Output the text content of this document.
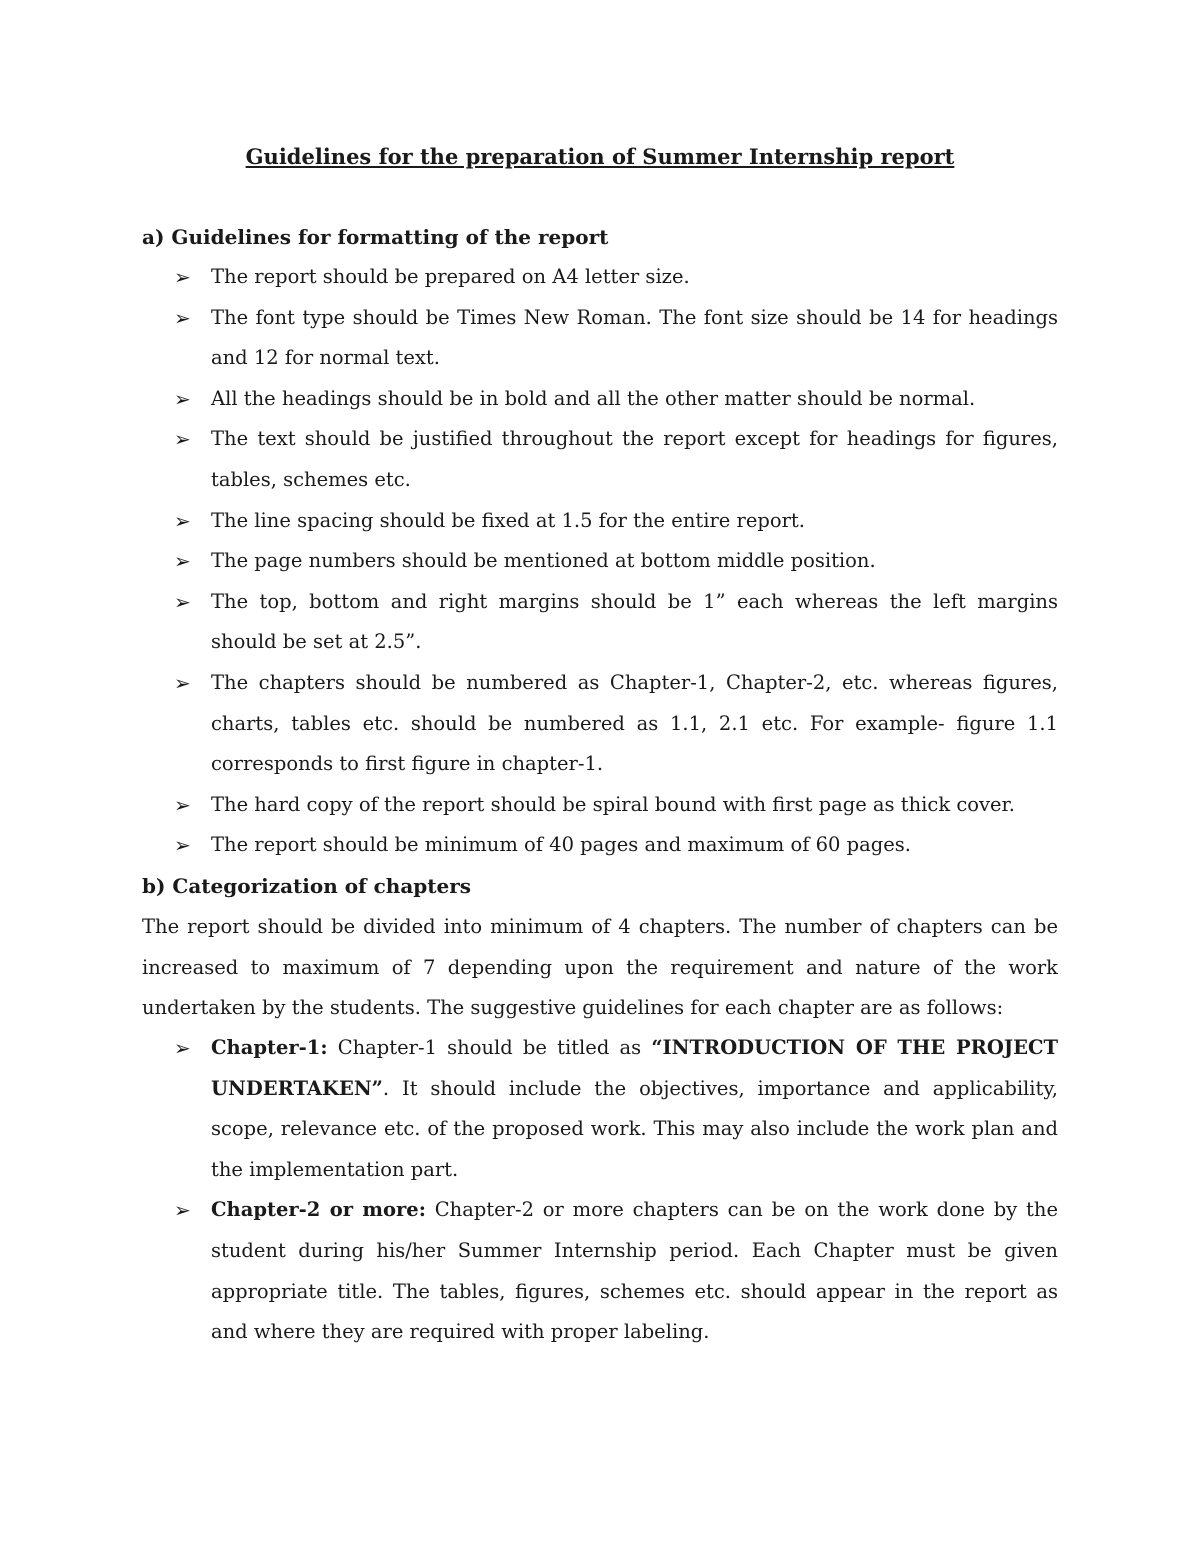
Guidelines for the preparation of Summer Internship report
a) Guidelines for formatting of the report
➢ The report should be prepared on A4 letter size.
➢ The font type should be Times New Roman. The font size should be 14 for headings and 12 for normal text.
➢ All the headings should be in bold and all the other matter should be normal.
➢ The text should be justified throughout the report except for headings for figures, tables, schemes etc.
➢ The line spacing should be fixed at 1.5 for the entire report.
➢ The page numbers should be mentioned at bottom middle position.
➢ The top, bottom and right margins should be 1” each whereas the left margins should be set at 2.5”.
➢ The chapters should be numbered as Chapter-1, Chapter-2, etc. whereas figures, charts, tables etc. should be numbered as 1.1, 2.1 etc. For example- figure 1.1 corresponds to first figure in chapter-1.
➢ The hard copy of the report should be spiral bound with first page as thick cover.
➢ The report should be minimum of 40 pages and maximum of 60 pages.
b) Categorization of chapters

The report should be divided into minimum of 4 chapters. The number of chapters can be increased to maximum of 7 depending upon the requirement and nature of the work undertaken by the students. The suggestive guidelines for each chapter are as follows:

➢ Chapter-1: Chapter-1 should be titled as “INTRODUCTION OF THE PROJECT UNDERTAKEN”. It should include the objectives, importance and applicability, scope, relevance etc. of the proposed work. This may also include the work plan and the implementation part.
➢ Chapter-2 or more: Chapter-2 or more chapters can be on the work done by the student during his/her Summer Internship period. Each Chapter must be given appropriate title. The tables, figures, schemes etc. should appear in the report as and where they are required with proper labeling.
